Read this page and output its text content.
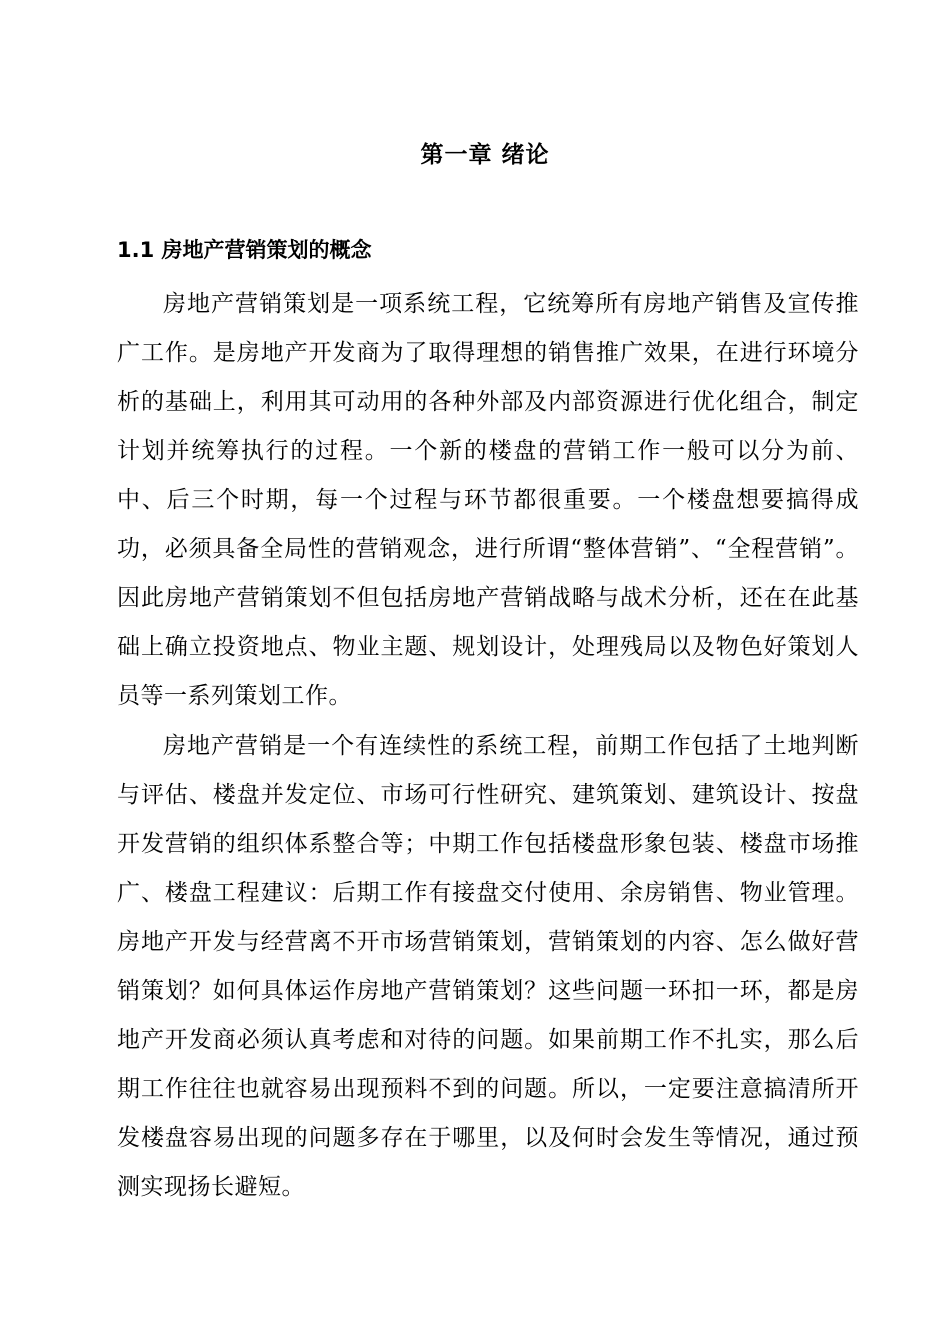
第一章 绪论
1.1 房地产营销策划的概念

房地产营销策划是一项系统工程，它统筹所有房地产销售及宣传推广工作。是房地产开发商为了取得理想的销售推广效果，在进行环境分析的基础上，利用其可动用的各种外部及内部资源进行优化组合，制定计划并统筹执行的过程。一个新的楼盘的营销工作一般可以分为前、中、后三个时期，每一个过程与环节都很重要。一个楼盘想要搞得成功，必须具备全局性的营销观念，进行所谓“整体营销”、“全程营销”。因此房地产营销策划不但包括房地产营销战略与战术分析，还在在此基础上确立投资地点、物业主题、规划设计，处理残局以及物色好策划人员等一系列策划工作。

房地产营销是一个有连续性的系统工程，前期工作包括了土地判断与评估、楼盘并发定位、市场可行性研究、建筑策划、建筑设计、按盘开发营销的组织体系整合等；中期工作包括楼盘形象包装、楼盘市场推广、楼盘工程建议：后期工作有接盘交付使用、余房销售、物业管理。房地产开发与经营离不开市场营销策划，营销策划的内容、怎么做好营销策划？如何具体运作房地产营销策划？这些问题一环扣一环，都是房地产开发商必须认真考虑和对待的问题。如果前期工作不扎实，那么后期工作往往也就容易出现预料不到的问题。所以，一定要注意搞清所开发楼盘容易出现的问题多存在于哪里，以及何时会发生等情况，通过预测实现扬长避短。
